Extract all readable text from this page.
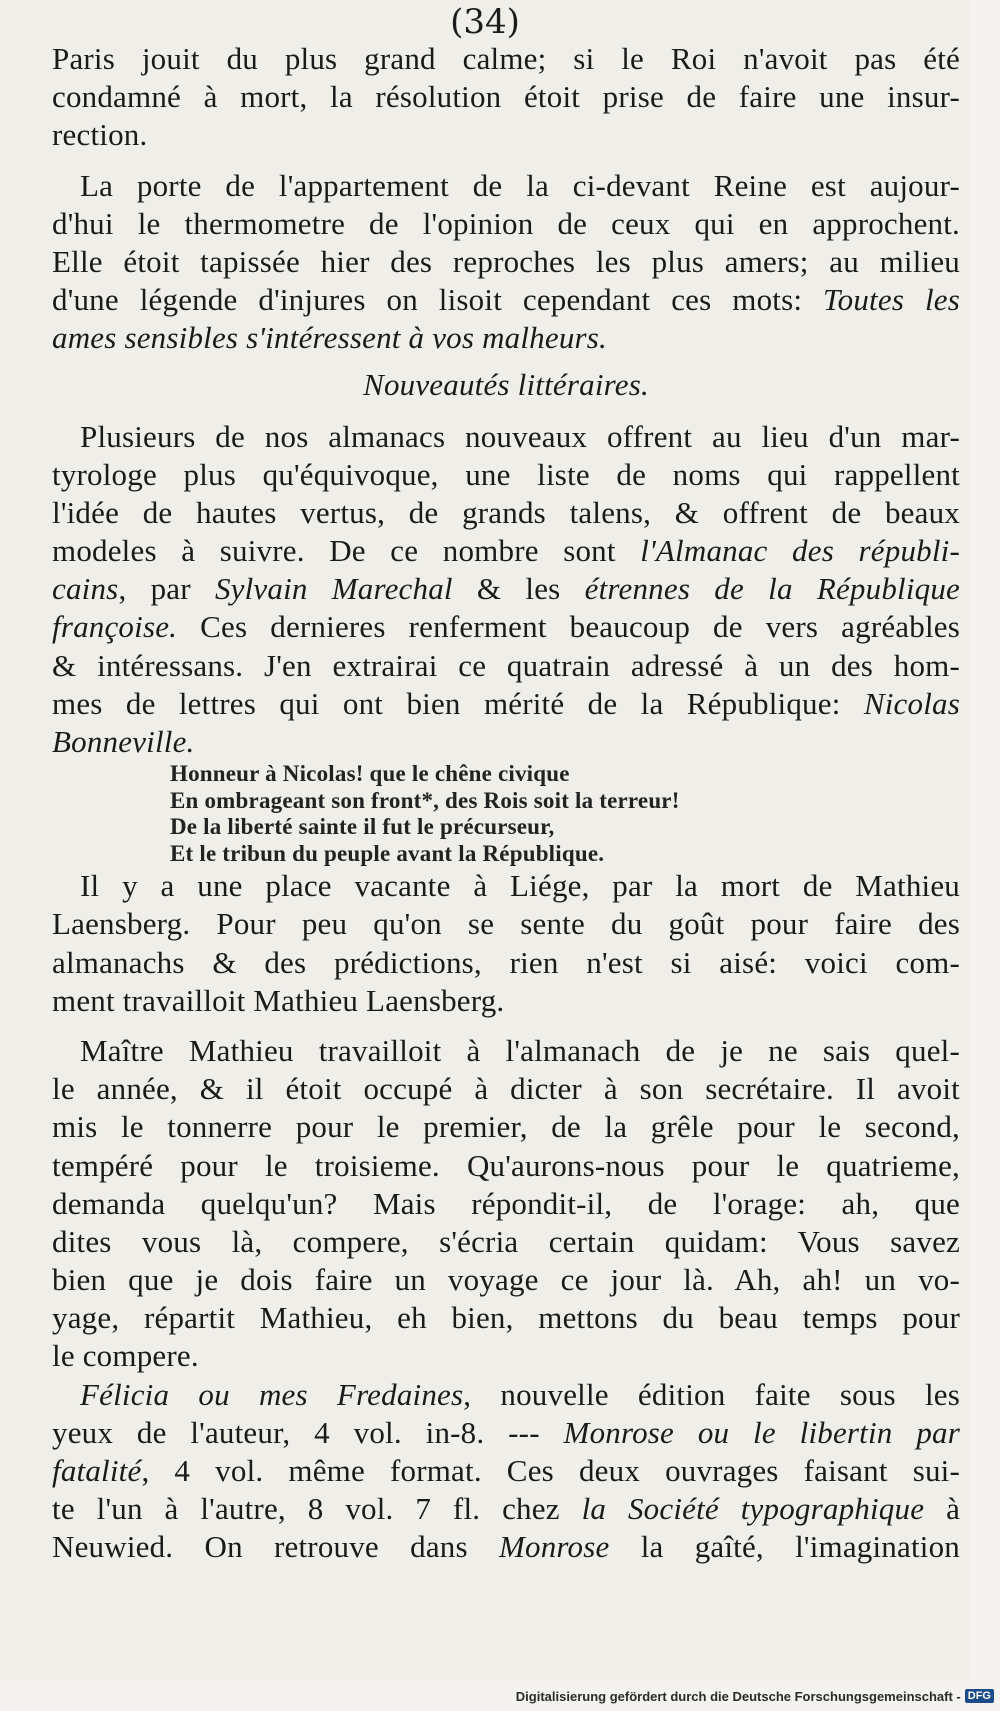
(34)
Paris jouit du plus grand calme; si le Roi n'avoit pas été
condamné à mort, la résolution étoit prise de faire une insur-
rection.
La porte de l'appartement de la ci-devant Reine est aujour-
d'hui le thermometre de l'opinion de ceux qui en approchent.
Elle étoit tapissée hier des reproches les plus amers; au milieu
d'une légende d'injures on lisoit cependant ces mots: Toutes les
ames sensibles s'intéressent à vos malheurs.
Nouveautés littéraires.
Plusieurs de nos almanacs nouveaux offrent au lieu d'un mar-
tyrologe plus qu'équivoque, une liste de noms qui rappellent
l'idée de hautes vertus, de grands talens, & offrent de beaux
modeles à suivre. De ce nombre sont l'Almanac des républi-
cains, par Sylvain Marechal & les étrennes de la République
françoise. Ces dernieres renferment beaucoup de vers agréables
& intéressans. J'en extrairai ce quatrain adressé à un des hom-
mes de lettres qui ont bien mérité de la République: Nicolas
Bonneville.
Honneur à Nicolas! que le chêne civique
En ombrageant son front*, des Rois soit la terreur!
De la liberté sainte il fut le précurseur,
Et le tribun du peuple avant la République.
Il y a une place vacante à Liége, par la mort de Mathieu
Laensberg. Pour peu qu'on se sente du goût pour faire des
almanachs & des prédictions, rien n'est si aisé: voici com-
ment travailloit Mathieu Laensberg.
Maître Mathieu travailloit à l'almanach de je ne sais quel-
le année, & il étoit occupé à dicter à son secrétaire. Il avoit
mis le tonnerre pour le premier, de la grêle pour le second,
tempéré pour le troisieme. Qu'aurons-nous pour le quatrieme,
demanda quelqu'un? Mais répondit-il, de l'orage: ah, que
dites vous là, compere, s'écria certain quidam: Vous savez
bien que je dois faire un voyage ce jour là. Ah, ah! un vo-
yage, répartit Mathieu, eh bien, mettons du beau temps pour
le compere.
Félicia ou mes Fredaines, nouvelle édition faite sous les
yeux de l'auteur, 4 vol. in-8. --- Monrose ou le libertin par
fatalité, 4 vol. même format. Ces deux ouvrages faisant sui-
te l'un à l'autre, 8 vol. 7 fl. chez la Société typographique à
Neuwied. On retrouve dans Monrose la gaîté, l'imagination
Digitalisierung gefördert durch die Deutsche Forschungsgemeinschaft - DFG
